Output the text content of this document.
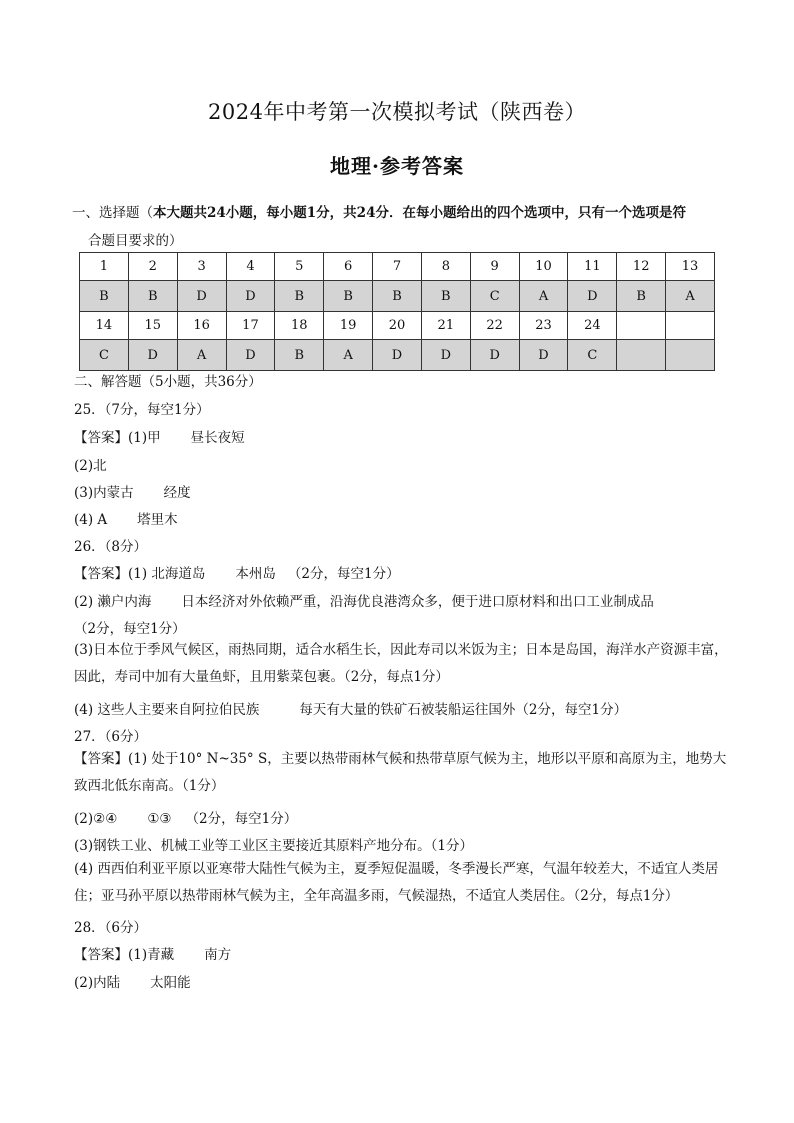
2024年中考第一次模拟考试（陕西卷）
地理·参考答案
一、选择题（本大题共24小题，每小题1分，共24分．在每小题给出的四个选项中，只有一个选项是符
合题目要求的）
1	2	3	4	5	6	7	8	9	10	11	12	13
B	B	D	D	B	B	B	B	C	A	D	B	A
14	15	16	17	18	19	20	21	22	23	24		
C	D	A	D	B	A	D	D	D	D	C		
二、解答题（5小题，共36分）
25．（7分，每空1分）
【答案】(1)甲 昼长夜短
(2)北
(3)内蒙古 经度
(4) A 塔里木
26．（8分）
【答案】(1) 北海道岛 本州岛 （2分，每空1分）
(2) 濑户内海 日本经济对外依赖严重，沿海优良港湾众多，便于进口原材料和出口工业制成品
（2分，每空1分）
(3)日本位于季风气候区，雨热同期，适合水稻生长，因此寿司以米饭为主；日本是岛国，海洋水产资源丰富，因此，寿司中加有大量鱼虾，且用紫菜包裹。（2分，每点1分）
(4) 这些人主要来自阿拉伯民族	每天有大量的铁矿石被装船运往国外（2分，每空1分）
27．（6分）
【答案】(1) 处于10° N~35° S，主要以热带雨林气候和热带草原气候为主，地形以平原和高原为主，地势大致西北低东南高。（1分）
(2)②④ ①③ （2分，每空1分）
(3)钢铁工业、机械工业等工业区主要接近其原料产地分布。（1分）
(4) 西西伯利亚平原以亚寒带大陆性气候为主，夏季短促温暖，冬季漫长严寒，气温年较差大，不适宜人类居住；亚马孙平原以热带雨林气候为主，全年高温多雨，气候湿热，不适宜人类居住。（2分，每点1分）
28．（6分）
【答案】(1)青藏 南方
(2)内陆 太阳能
